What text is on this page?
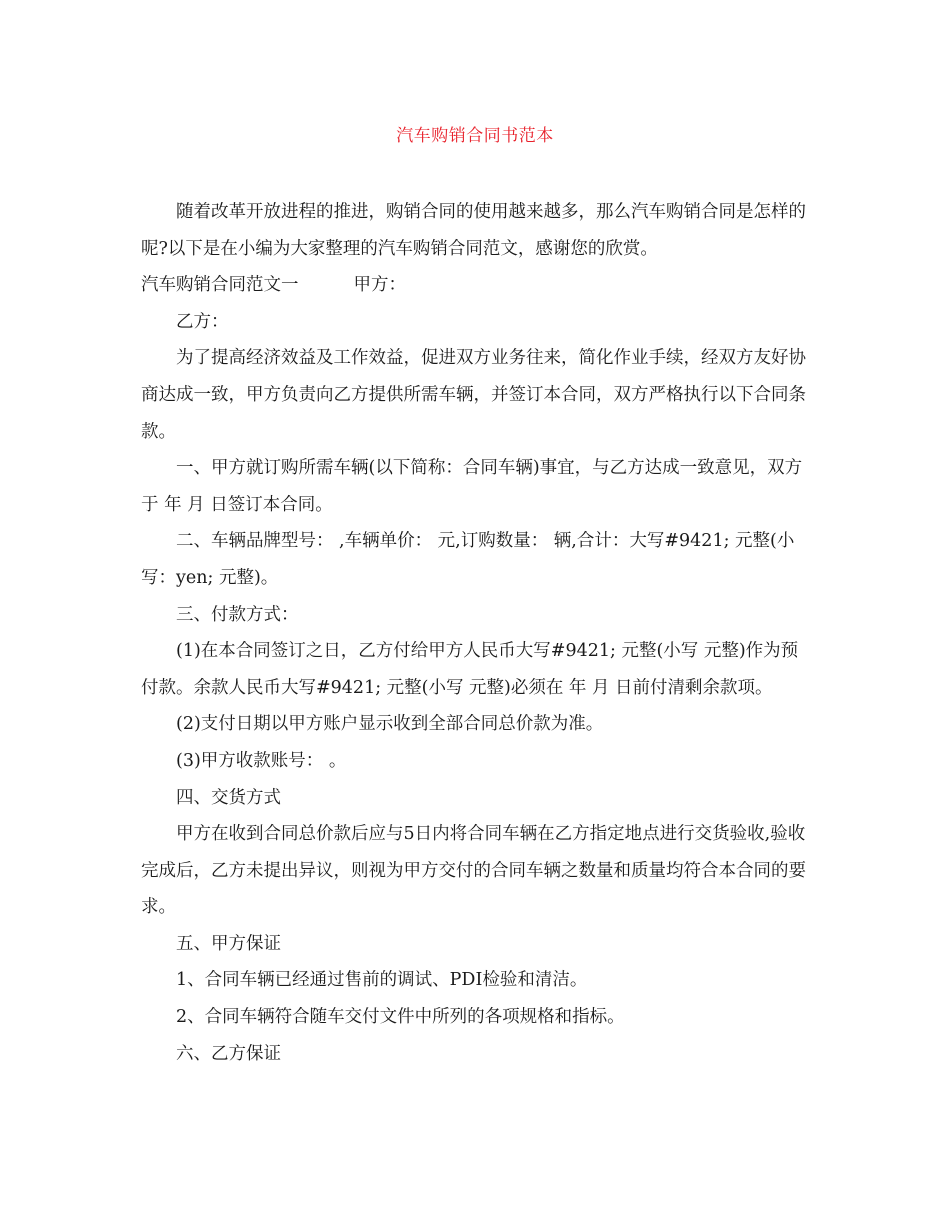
汽车购销合同书范本

随着改革开放进程的推进，购销合同的使用越来越多，那么汽车购销合同是怎样的呢?以下是在小编为大家整理的汽车购销合同范文，感谢您的欣赏。

汽车购销合同范文一	甲方：

乙方：

为了提高经济效益及工作效益，促进双方业务往来，简化作业手续，经双方友好协商达成一致，甲方负责向乙方提供所需车辆，并签订本合同，双方严格执行以下合同条款。

一、甲方就订购所需车辆(以下简称：合同车辆)事宜，与乙方达成一致意见，双方于 年 月 日签订本合同。

二、车辆品牌型号： ,车辆单价： 元,订购数量： 辆,合计：大写#9421; 元整(小写：yen; 元整)。

三、付款方式：

(1)在本合同签订之日，乙方付给甲方人民币大写#9421; 元整(小写 元整)作为预付款。余款人民币大写#9421; 元整(小写 元整)必须在 年 月 日前付清剩余款项。

(2)支付日期以甲方账户显示收到全部合同总价款为准。

(3)甲方收款账号： 。

四、交货方式

甲方在收到合同总价款后应与5日内将合同车辆在乙方指定地点进行交货验收,验收完成后，乙方未提出异议，则视为甲方交付的合同车辆之数量和质量均符合本合同的要求。

五、甲方保证

1、合同车辆已经通过售前的调试、PDI检验和清洁。

2、合同车辆符合随车交付文件中所列的各项规格和指标。

六、乙方保证
